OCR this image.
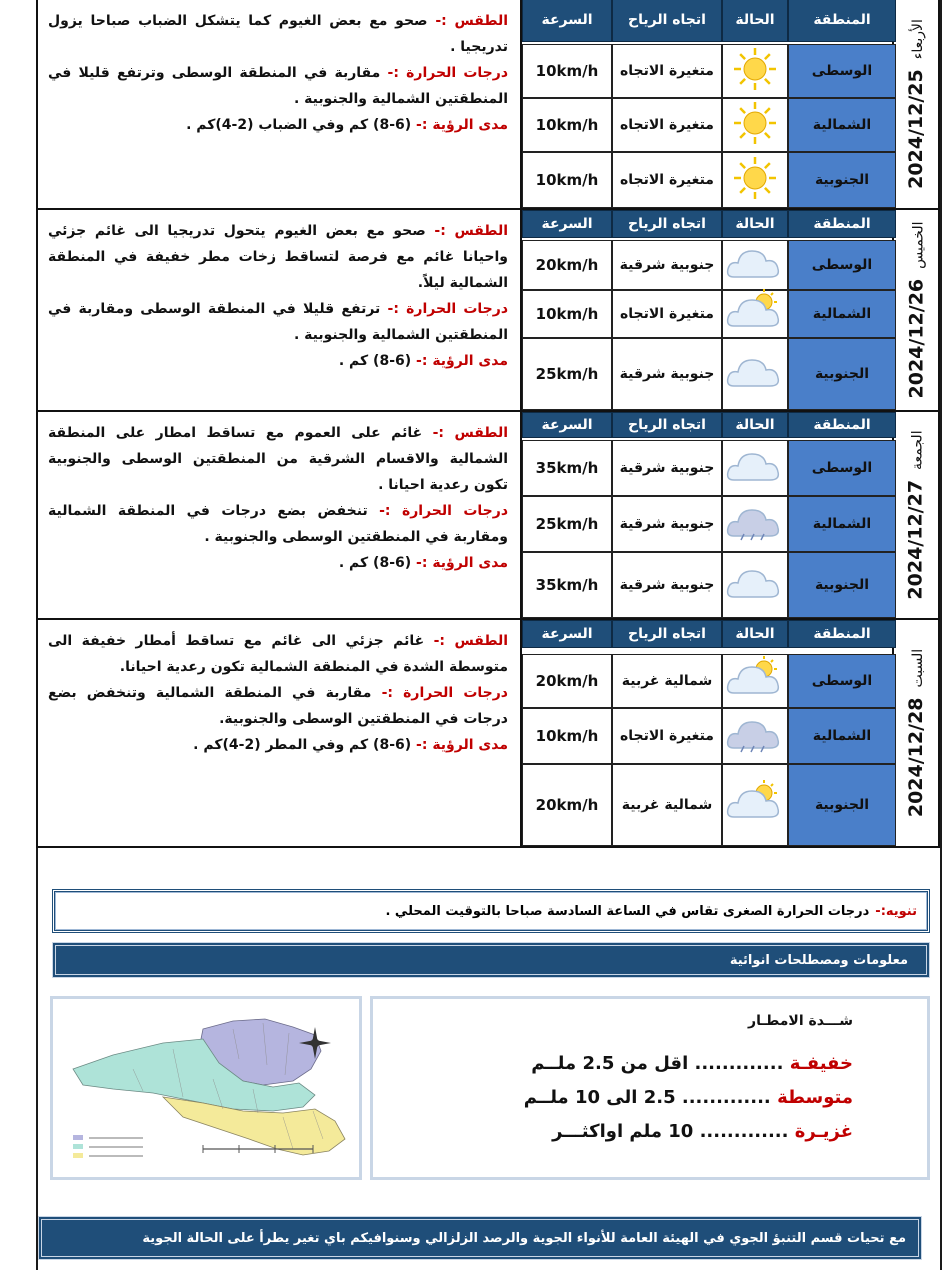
2024/12/25
الأربعاء
المنطقة
الحالة
اتجاه الرياح
السرعة
الوسطى
متغيرة الاتجاه
10km/h
الشمالية
متغيرة الاتجاه
10km/h
الجنوبية
متغيرة الاتجاه
10km/h
الطقس :- صحو مع بعض الغيوم كما يتشكل الضباب صباحا يزول تدريجيا .
درجات الحرارة :- مقاربة في المنطقة الوسطى وترتفع قليلا في المنطقتين الشمالية والجنوبية .
مدى الرؤية :- (6-8) كم وفي الضباب (2-4)كم .
2024/12/26
الخميس
المنطقة
الحالة
اتجاه الرياح
السرعة
الوسطى
جنوبية شرقية
20km/h
الشمالية
متغيرة الاتجاه
10km/h
الجنوبية
جنوبية شرقية
25km/h
الطقس :- صحو مع بعض الغيوم يتحول تدريجيا الى غائم جزئي واحيانا غائم مع فرصة لتساقط زخات مطر خفيفة في المنطقة الشمالية ليلاً.
درجات الحرارة :- ترتفع قليلا في المنطقة الوسطى ومقاربة في المنطقتين الشمالية والجنوبية .
مدى الرؤية :- (6-8) كم .
2024/12/27
الجمعة
المنطقة
الحالة
اتجاه الرياح
السرعة
الوسطى
جنوبية شرقية
35km/h
الشمالية
جنوبية شرقية
25km/h
الجنوبية
جنوبية شرقية
35km/h
الطقس :- غائم على العموم مع تساقط امطار على المنطقة الشمالية والاقسام الشرقية من المنطقتين الوسطى والجنوبية تكون رعدية احيانا .
درجات الحرارة :- تنخفض بضع درجات في المنطقة الشمالية ومقاربة في المنطقتين الوسطى والجنوبية .
مدى الرؤية :- (6-8) كم .
2024/12/28
السبت
المنطقة
الحالة
اتجاه الرياح
السرعة
الوسطى
شمالية غربية
20km/h
الشمالية
متغيرة الاتجاه
10km/h
الجنوبية
شمالية غربية
20km/h
الطقس :- غائم جزئي الى غائم مع تساقط أمطار خفيفة الى متوسطة الشدة في المنطقة الشمالية تكون رعدية احيانا.
درجات الحرارة :- مقاربة في المنطقة الشمالية وتنخفض بضع درجات في المنطقتين الوسطى والجنوبية.
مدى الرؤية :- (6-8) كم وفي المطر (2-4)كم .
تنويه:-
درجات الحرارة الصغرى تقاس في الساعة السادسة صباحا بالتوقيت المحلي .
معلومات ومصطلحات انوائية
شـــدة الامطـار
خفيفـة ............. اقل من 2.5 ملــم
متوسطة ............. 2.5 الى 10 ملــم
غزيـرة ............. 10 ملم اواكثـــر
مع تحيات قسم التنبؤ الجوي في الهيئة العامة للأنواء الجوية والرصد الزلزالي وسنوافيكم باي تغير يطرأ على الحالة الجوية
